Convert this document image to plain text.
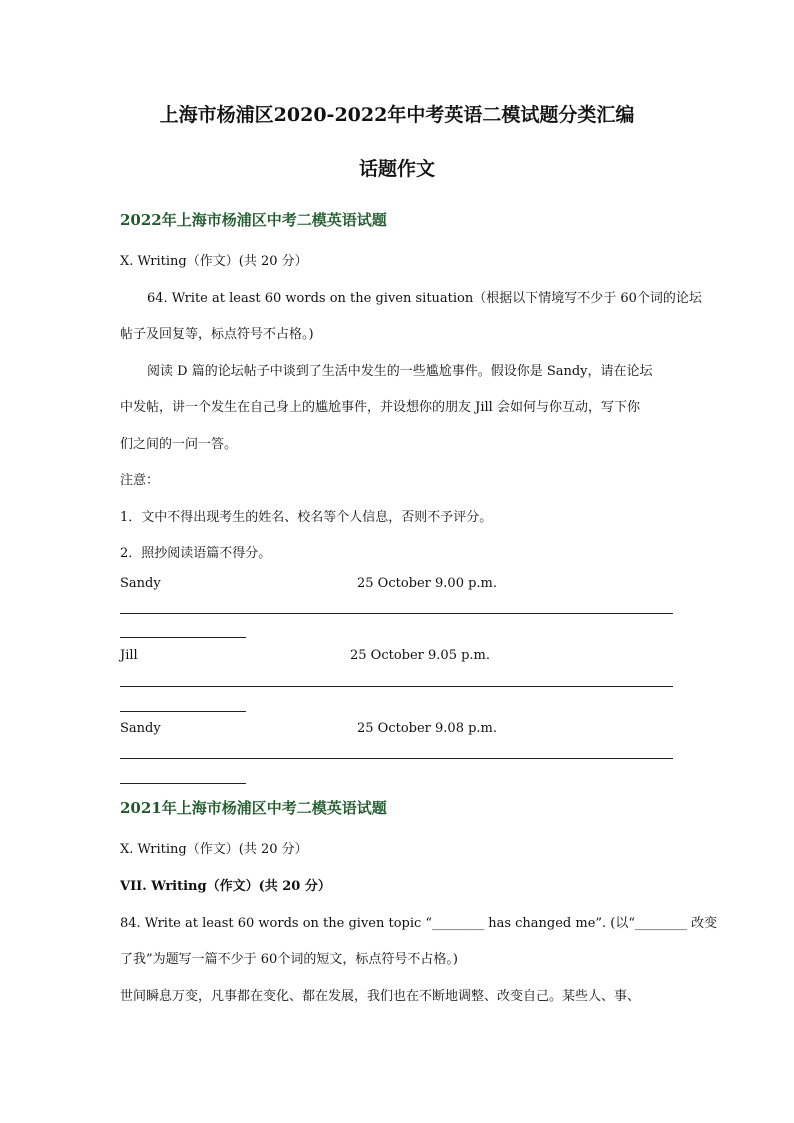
上海市杨浦区2020-2022年中考英语二模试题分类汇编
话题作文
2022年上海市杨浦区中考二模英语试题
X. Writing（作文）(共 20 分）
64. Write at least 60 words on the given situation（根据以下情境写不少于 60个词的论坛
帖子及回复等，标点符号不占格。)
阅读 D 篇的论坛帖子中谈到了生活中发生的一些尴尬事件。假设你是 Sandy，请在论坛
中发帖，讲一个发生在自己身上的尴尬事件，并设想你的朋友 Jill 会如何与你互动，写下你
们之间的一问一答。
注意：
1．文中不得出现考生的姓名、校名等个人信息，否则不予评分。
2．照抄阅读语篇不得分。
Sandy	25 October 9.00 p.m.
Jill	25 October 9.05 p.m.
Sandy	25 October 9.08 p.m.
2021年上海市杨浦区中考二模英语试题
X. Writing（作文）(共 20 分）
VII. Writing（作文）(共 20 分）
84. Write at least 60 words on the given topic “________ has changed me”. (以“________ 改变
了我”为题写一篇不少于 60个词的短文，标点符号不占格。)
世间瞬息万变，凡事都在变化、都在发展，我们也在不断地调整、改变自己。某些人、事、
